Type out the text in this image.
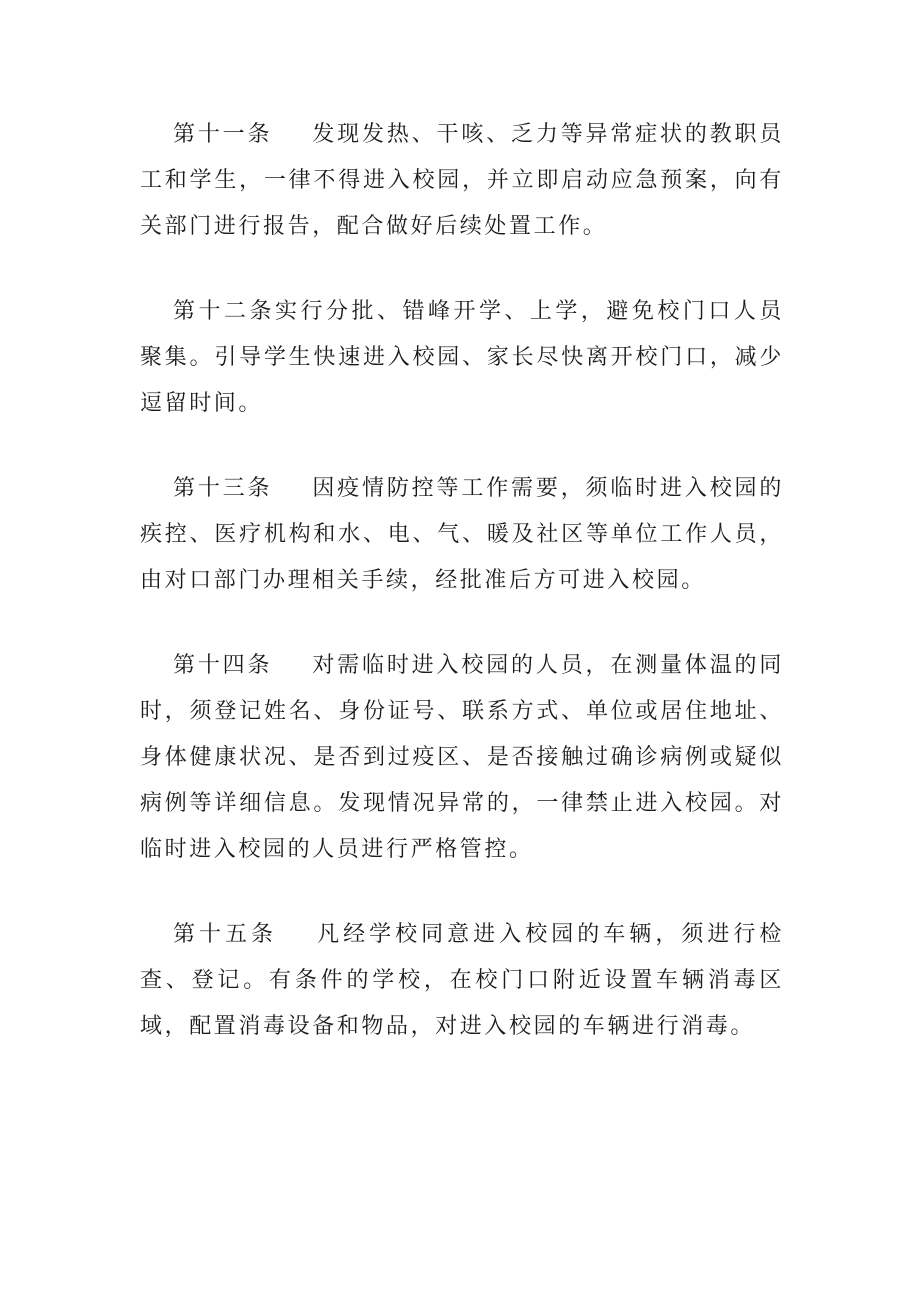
第十一条 发现发热、干咳、乏力等异常症状的教职员工和学生，一律不得进入校园，并立即启动应急预案，向有关部门进行报告，配合做好后续处置工作。

第十二条实行分批、错峰开学、上学，避免校门口人员聚集。引导学生快速进入校园、家长尽快离开校门口，减少逗留时间。

第十三条 因疫情防控等工作需要，须临时进入校园的疾控、医疗机构和水、电、气、暖及社区等单位工作人员，由对口部门办理相关手续，经批准后方可进入校园。

第十四条 对需临时进入校园的人员，在测量体温的同时，须登记姓名、身份证号、联系方式、单位或居住地址、身体健康状况、是否到过疫区、是否接触过确诊病例或疑似病例等详细信息。发现情况异常的，一律禁止进入校园。对临时进入校园的人员进行严格管控。

第十五条 凡经学校同意进入校园的车辆，须进行检查、登记。有条件的学校，在校门口附近设置车辆消毒区域，配置消毒设备和物品，对进入校园的车辆进行消毒。
